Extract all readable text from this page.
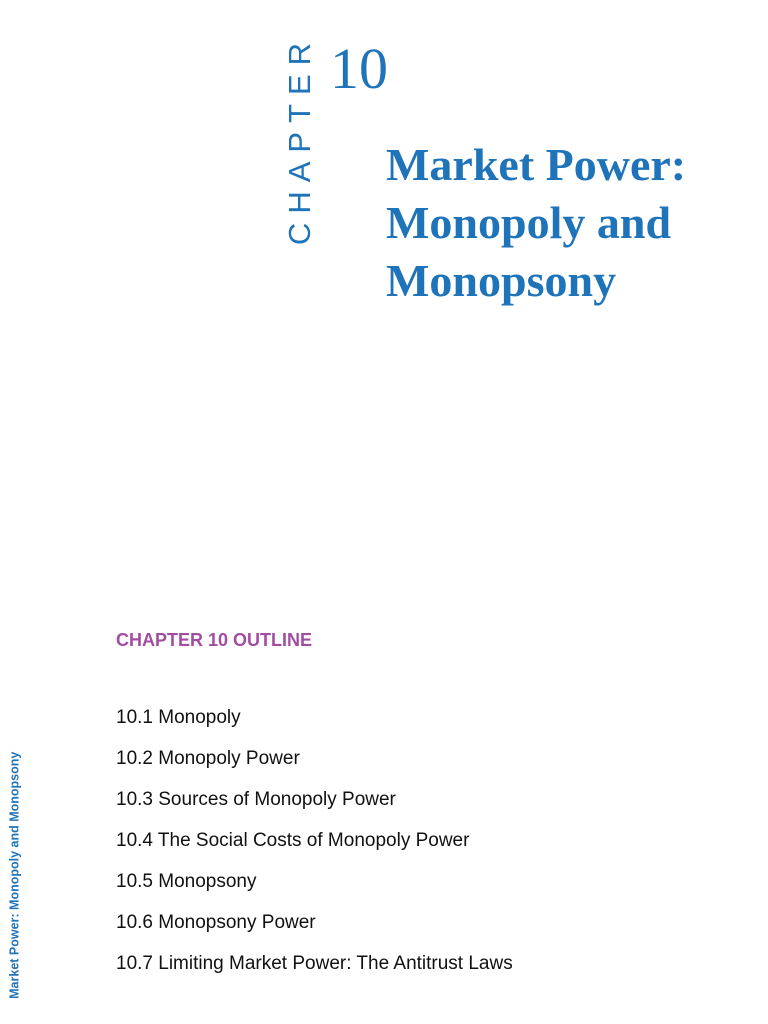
CHAPTER 10
Market Power:
Monopoly and
Monopsony
CHAPTER 10 OUTLINE
10.1 Monopoly
10.2 Monopoly Power
10.3 Sources of Monopoly Power
10.4 The Social Costs of Monopoly Power
10.5 Monopsony
10.6 Monopsony Power
10.7 Limiting Market Power: The Antitrust Laws
Market Power: Monopoly and Monopsony
